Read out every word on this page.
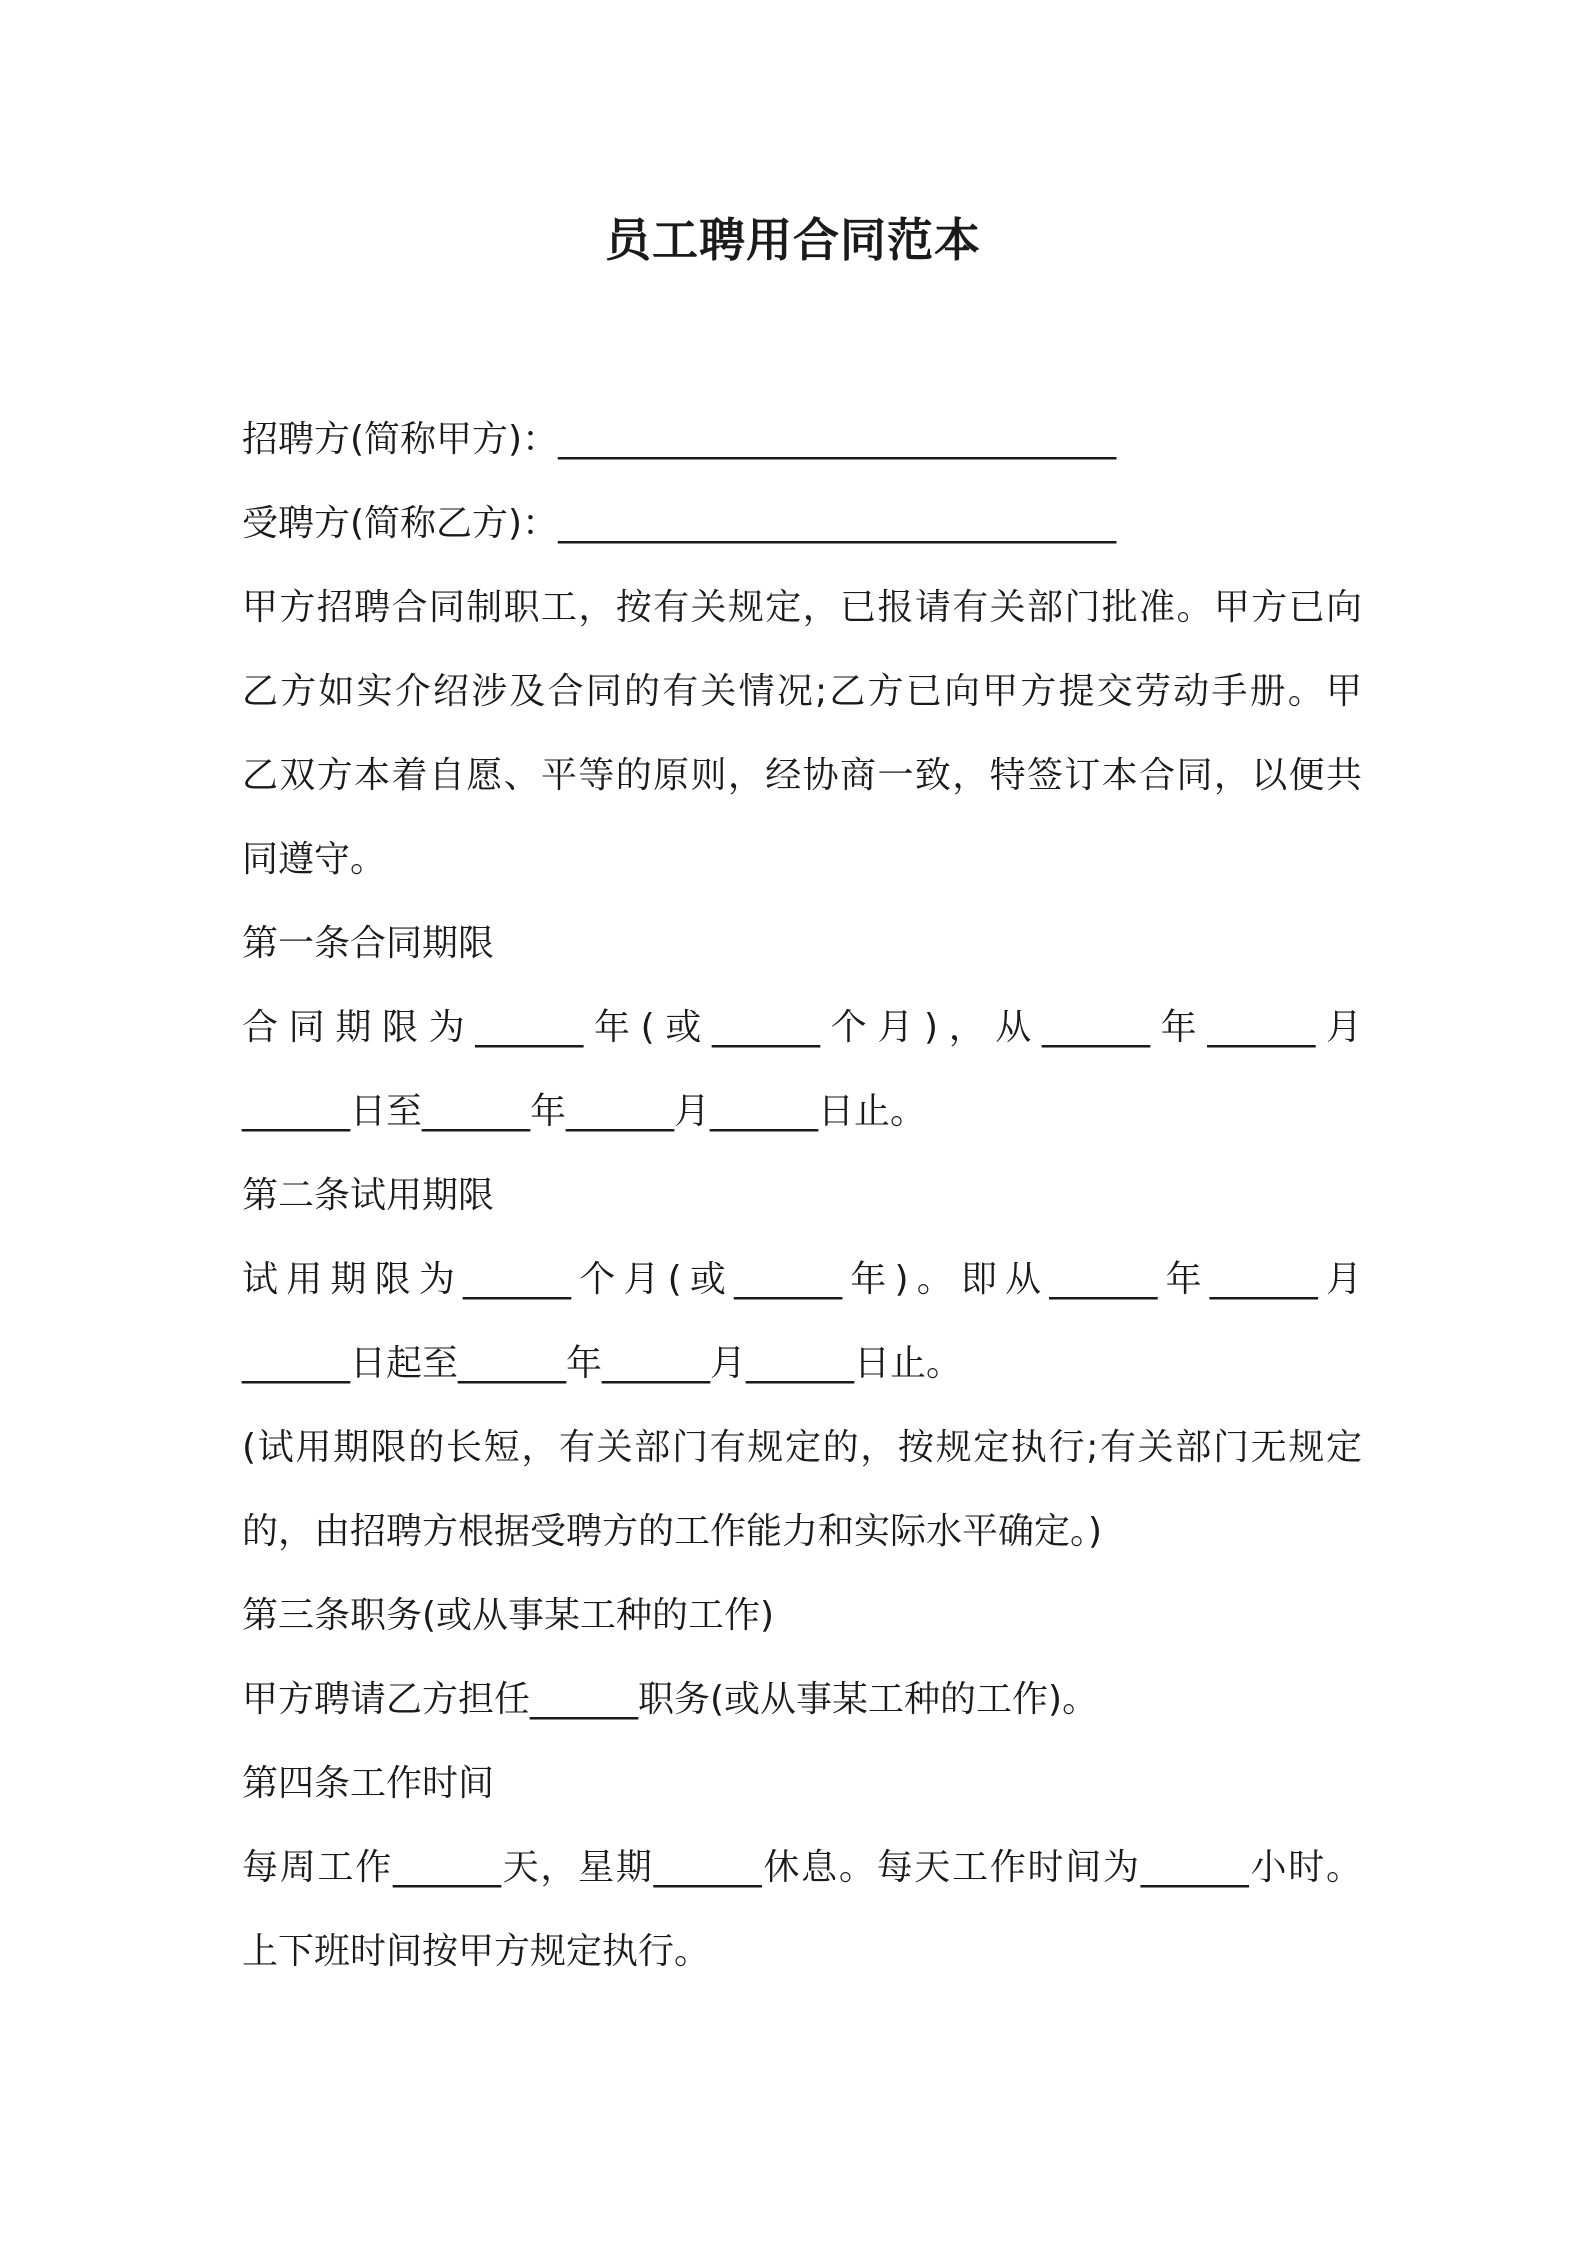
员工聘用合同范本
招聘方(简称甲方)：_______________________________
受聘方(简称乙方)：_______________________________
甲方招聘合同制职工，按有关规定，已报请有关部门批准。甲方已向
乙方如实介绍涉及合同的有关情况;乙方已向甲方提交劳动手册。甲
乙双方本着自愿、平等的原则，经协商一致，特签订本合同，以便共
同遵守。
第一条合同期限
合同期限为______年(或______个月)，从______年______月
______日至______年______月______日止。
第二条试用期限
试用期限为______个月(或______年)。即从______年______月
______日起至______年______月______日止。
(试用期限的长短，有关部门有规定的，按规定执行;有关部门无规定
的，由招聘方根据受聘方的工作能力和实际水平确定。)
第三条职务(或从事某工种的工作)
甲方聘请乙方担任______职务(或从事某工种的工作)。
第四条工作时间
每周工作______天，星期______休息。每天工作时间为______小时。
上下班时间按甲方规定执行。
